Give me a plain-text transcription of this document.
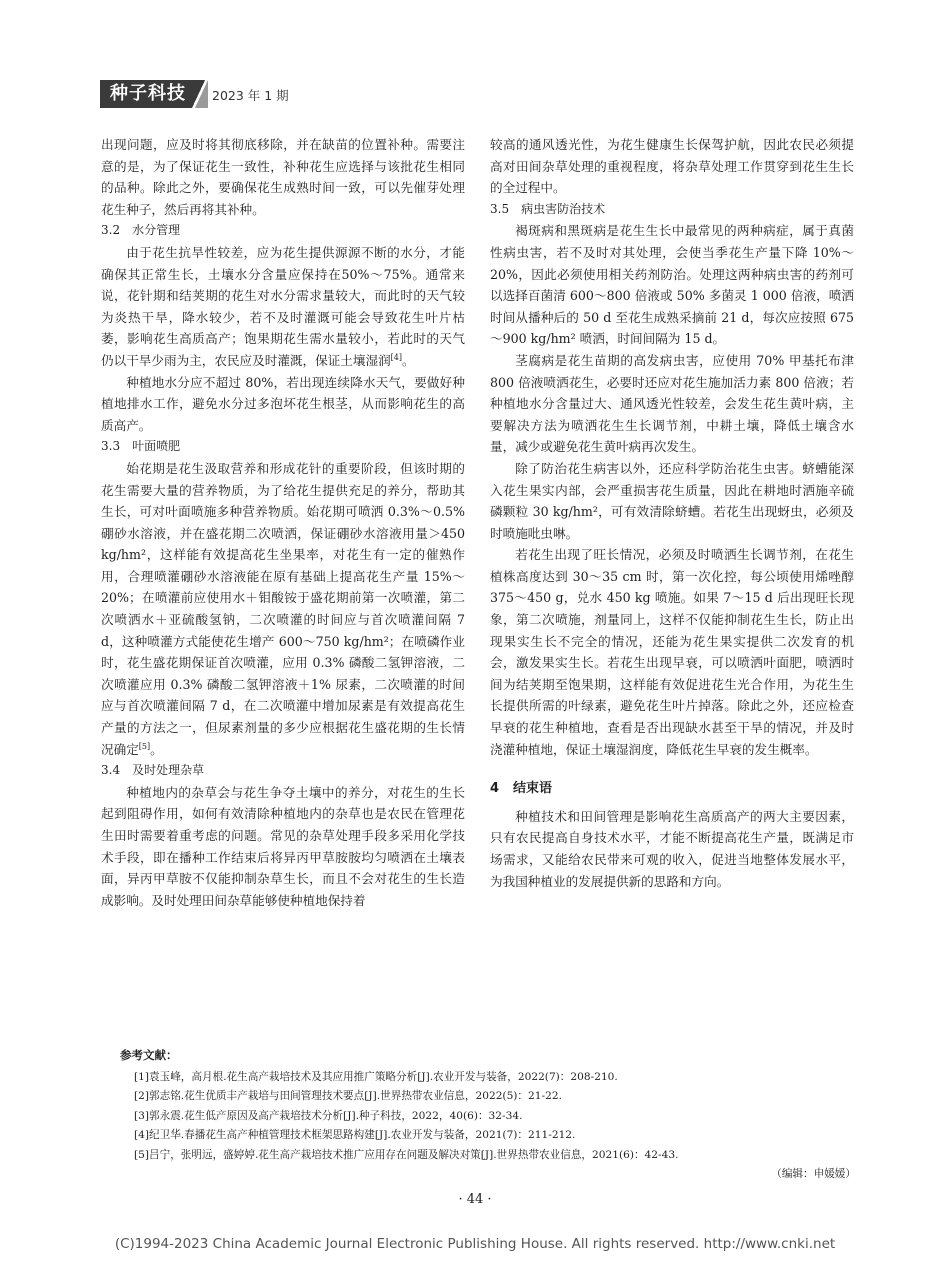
种子科技	2023 年 1 期

出现问题，应及时将其彻底移除，并在缺苗的位置补种。需要注意的是，为了保证花生一致性，补种花生应选择与该批花生相同的品种。除此之外，要确保花生成熟时间一致，可以先催芽处理花生种子，然后再将其补种。

3.2 水分管理

由于花生抗旱性较差，应为花生提供源源不断的水分，才能确保其正常生长，土壤水分含量应保持在50%～75%。通常来说，花针期和结荚期的花生对水分需求量较大，而此时的天气较为炎热干旱，降水较少，若不及时灌溉可能会导致花生叶片枯萎，影响花生高质高产；饱果期花生需水量较小，若此时的天气仍以干旱少雨为主，农民应及时灌溉，保证土壤湿润[4]。

种植地水分应不超过 80%，若出现连续降水天气，要做好种植地排水工作，避免水分过多泡坏花生根茎，从而影响花生的高质高产。

3.3 叶面喷肥

始花期是花生汲取营养和形成花针的重要阶段，但该时期的花生需要大量的营养物质，为了给花生提供充足的养分，帮助其生长，可对叶面喷施多种营养物质。始花期可喷洒 0.3%～0.5% 硼砂水溶液，并在盛花期二次喷洒，保证硼砂水溶液用量＞450 kg/hm²，这样能有效提高花生坐果率，对花生有一定的催熟作用，合理喷灌硼砂水溶液能在原有基础上提高花生产量 15%～20%；在喷灌前应使用水＋钼酸铵于盛花期前第一次喷灌，第二次喷洒水＋亚硫酸氢钠，二次喷灌的时间应与首次喷灌间隔 7 d，这种喷灌方式能使花生增产 600～750 kg/hm²；在喷磷作业时，花生盛花期保证首次喷灌，应用 0.3% 磷酸二氢钾溶液，二次喷灌应用 0.3% 磷酸二氢钾溶液＋1% 尿素，二次喷灌的时间应与首次喷灌间隔 7 d，在二次喷灌中增加尿素是有效提高花生产量的方法之一，但尿素剂量的多少应根据花生盛花期的生长情况确定[5]。

3.4 及时处理杂草

种植地内的杂草会与花生争夺土壤中的养分，对花生的生长起到阻碍作用，如何有效清除种植地内的杂草也是农民在管理花生田时需要着重考虑的问题。常见的杂草处理手段多采用化学技术手段，即在播种工作结束后将异丙甲草胺胺均匀喷洒在土壤表面，异丙甲草胺不仅能抑制杂草生长，而且不会对花生的生长造成影响。及时处理田间杂草能够使种植地保持着

较高的通风透光性，为花生健康生长保驾护航，因此农民必须提高对田间杂草处理的重视程度，将杂草处理工作贯穿到花生生长的全过程中。

3.5 病虫害防治技术

褐斑病和黑斑病是花生生长中最常见的两种病症，属于真菌性病虫害，若不及时对其处理，会使当季花生产量下降 10%～20%，因此必须使用相关药剂防治。处理这两种病虫害的药剂可以选择百菌清 600～800 倍液或 50% 多菌灵 1 000 倍液，喷洒时间从播种后的 50 d 至花生成熟采摘前 21 d，每次应按照 675～900 kg/hm² 喷洒，时间间隔为 15 d。

茎腐病是花生苗期的高发病虫害，应使用 70% 甲基托布津 800 倍液喷洒花生，必要时还应对花生施加活力素 800 倍液；若种植地水分含量过大、通风透光性较差，会发生花生黄叶病，主要解决方法为喷洒花生生长调节剂，中耕土壤，降低土壤含水量，减少或避免花生黄叶病再次发生。

除了防治花生病害以外，还应科学防治花生虫害。蛴螬能深入花生果实内部，会严重损害花生质量，因此在耕地时洒施辛硫磷颗粒 30 kg/hm²，可有效清除蛴螬。若花生出现蚜虫，必须及时喷施吡虫啉。

若花生出现了旺长情况，必须及时喷洒生长调节剂，在花生植株高度达到 30～35 cm 时，第一次化控，每公顷使用烯唑醇 375～450 g，兑水 450 kg 喷施。如果 7～15 d 后出现旺长现象，第二次喷施，剂量同上，这样不仅能抑制花生生长，防止出现果实生长不完全的情况，还能为花生果实提供二次发育的机会，激发果实生长。若花生出现早衰，可以喷洒叶面肥，喷洒时间为结荚期至饱果期，这样能有效促进花生光合作用，为花生生长提供所需的叶绿素，避免花生叶片掉落。除此之外，还应检查早衰的花生种植地，查看是否出现缺水甚至干旱的情况，并及时浇灌种植地，保证土壤湿润度，降低花生早衰的发生概率。

4 结束语

种植技术和田间管理是影响花生高质高产的两大主要因素，只有农民提高自身技术水平，才能不断提高花生产量，既满足市场需求，又能给农民带来可观的收入，促进当地整体发展水平，为我国种植业的发展提供新的思路和方向。

参考文献：
[1]袁玉峰，高月根.花生高产栽培技术及其应用推广策略分析[J].农业开发与装备，2022(7)：208-210.
[2]郭志铭.花生优质丰产栽培与田间管理技术要点[J].世界热带农业信息，2022(5)：21-22.
[3]郭永震.花生低产原因及高产栽培技术分析[J].种子科技，2022，40(6)：32-34.
[4]纪卫华.春播花生高产种植管理技术框架思路构建[J].农业开发与装备，2021(7)：211-212.
[5]吕宁，张明远，盛婷婷.花生高产栽培技术推广应用存在问题及解决对策[J].世界热带农业信息，2021(6)：42-43.
（编辑：申媛媛）
· 44 ·
(C)1994-2023 China Academic Journal Electronic Publishing House. All rights reserved. http://www.cnki.net
